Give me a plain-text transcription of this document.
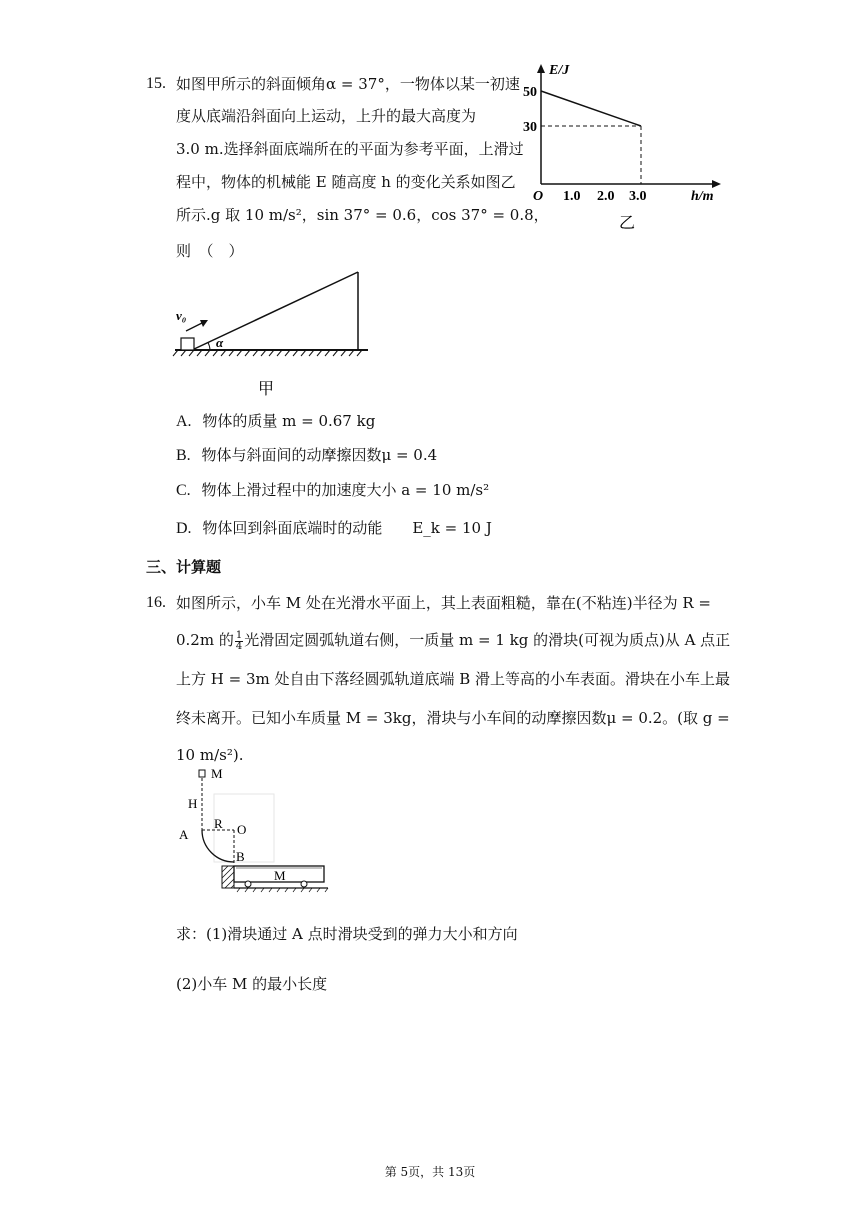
15. 如图甲所示的斜面倾角α = 37°，一物体以某一初速
度从底端沿斜面向上运动，上升的最大高度为
3.0 m.选择斜面底端所在的平面为参考平面，上滑过
程中，物体的机械能 E 随高度 h 的变化关系如图乙
所示.g 取 10 m/s²，sin 37° = 0.6，cos 37° = 0.8，
则　（　）
E/J
50
30
O 1.0 2.0 3.0	h/m
乙
α
v₀
甲
A. 物体的质量 m = 0.67 kg
B. 物体与斜面间的动摩擦因数μ = 0.4
C. 物体上滑过程中的加速度大小 a = 10 m/s²
D. 物体回到斜面底端时的动能　　E_k = 10 J
三、计算题
16. 如图所示，小车 M 处在光滑水平面上，其上表面粗糙，靠在(不粘连)半径为 R =
0.2m 的 $\frac{1}{4}$ 光滑固定圆弧轨道右侧，一质量 m = 1 kg 的滑块(可视为质点)从 A 点正
上方 H = 3m 处自由下落经圆弧轨道底端 B 滑上等高的小车表面。滑块在小车上最
终未离开。已知小车质量 M = 3kg，滑块与小车间的动摩擦因数μ = 0.2。(取 g =
10 m/s²).
M
H
A
R O
B
M
求：(1)滑块通过 A 点时滑块受到的弹力大小和方向
(2)小车 M 的最小长度
第 5页，共 13页
